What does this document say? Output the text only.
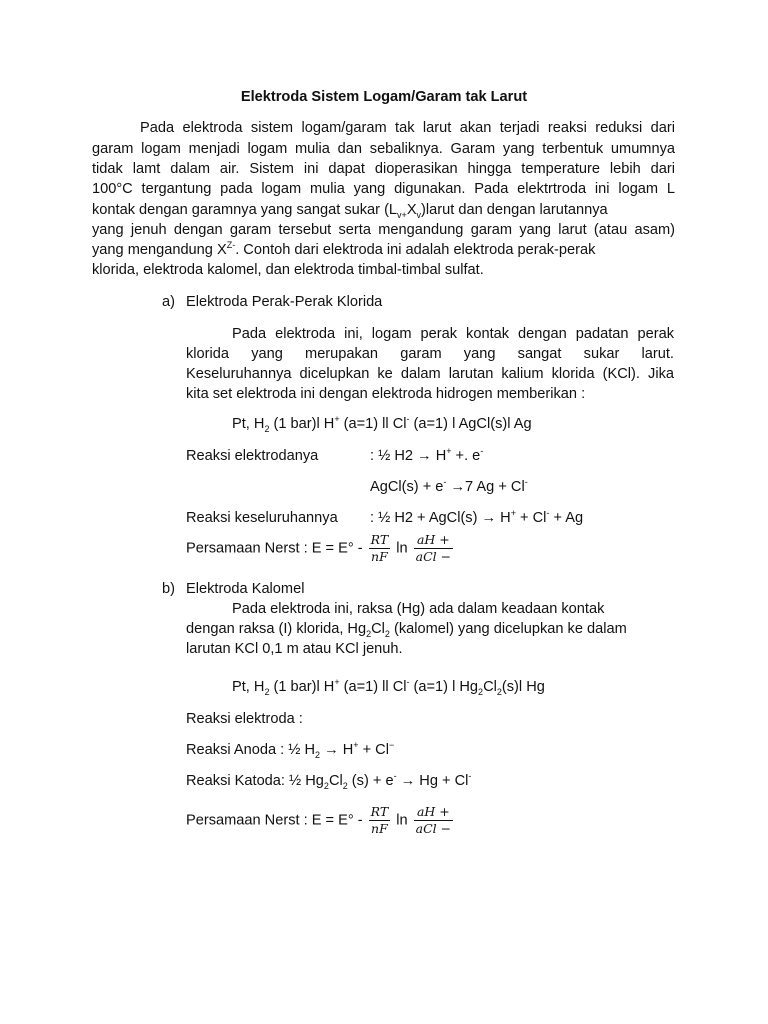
Elektroda Sistem Logam/Garam tak Larut

Pada elektroda sistem logam/garam tak larut akan terjadi reaksi reduksi dari

garam logam menjadi logam mulia dan sebaliknya. Garam yang terbentuk umumnya

tidak lamt dalam air. Sistem ini dapat dioperasikan hingga temperature lebih dari

100°C tergantung pada logam mulia yang digunakan. Pada elektrtroda ini logam L

kontak dengan garamnya yang sangat sukar $(L_{v+}X_v)larut$ dan dengan larutannya

yang jenuh dengan garam tersebut serta mengandung garam yang larut (atau asam)

yang mengandung $X^{Z-}$. Contoh dari elektroda ini adalah elektroda perak-perak

klorida, elektroda kalomel, dan elektroda timbal-timbal sulfat.

a) Elektroda Perak-Perak Klorida

Pada elektroda ini, logam perak kontak dengan padatan perak

klorida yang merupakan garam yang sangat sukar larut.

Keseluruhannya dicelupkan ke dalam larutan kalium klorida (KCl). Jika

kita set elektroda ini dengan elektroda hidrogen memberikan :

Pt, $H_2$ (1 bar)l H+ (a=1) ll Cl- (a=1) l AgCl(s)l Ag

Reaksi elektrodanya	: ½ H2 → H+ +. e-

AgCl(s) + e- →7 Ag + Cl-

Reaksi keseluruhannya : ½ H2 + AgCl(s) → H+ + Cl- + Ag

Persamaan Nerst : $E = E^\circ - \frac{RT}{nF}$ $\ln \frac{aH +}{\text{aCl −}}$

b) Elektroda Kalomel

Pada elektroda ini, raksa (Hg) ada dalam keadaan kontak

dengan raksa (I) klorida, $Hg_2Cl_2$ (kalomel) yang dicelupkan ke dalam

larutan KCl 0,1 m atau KCl jenuh.

Pt, $H_2$ (1 bar)l H+ (a=1) ll Cl- (a=1) l $Hg_2Cl_2(s)l$ Hg

Reaksi elektroda :

Reaksi Anoda : ½ $H_2 \to H^+ + Cl^-$

Reaksi Katoda: ½ $Hg_2Cl_2$ (s) + e- → Hg + Cl-

Persamaan Nerst : $E = E^\circ - \frac{RT}{nF}$ $\ln \frac{aH +}{\text{aCl −}}$
